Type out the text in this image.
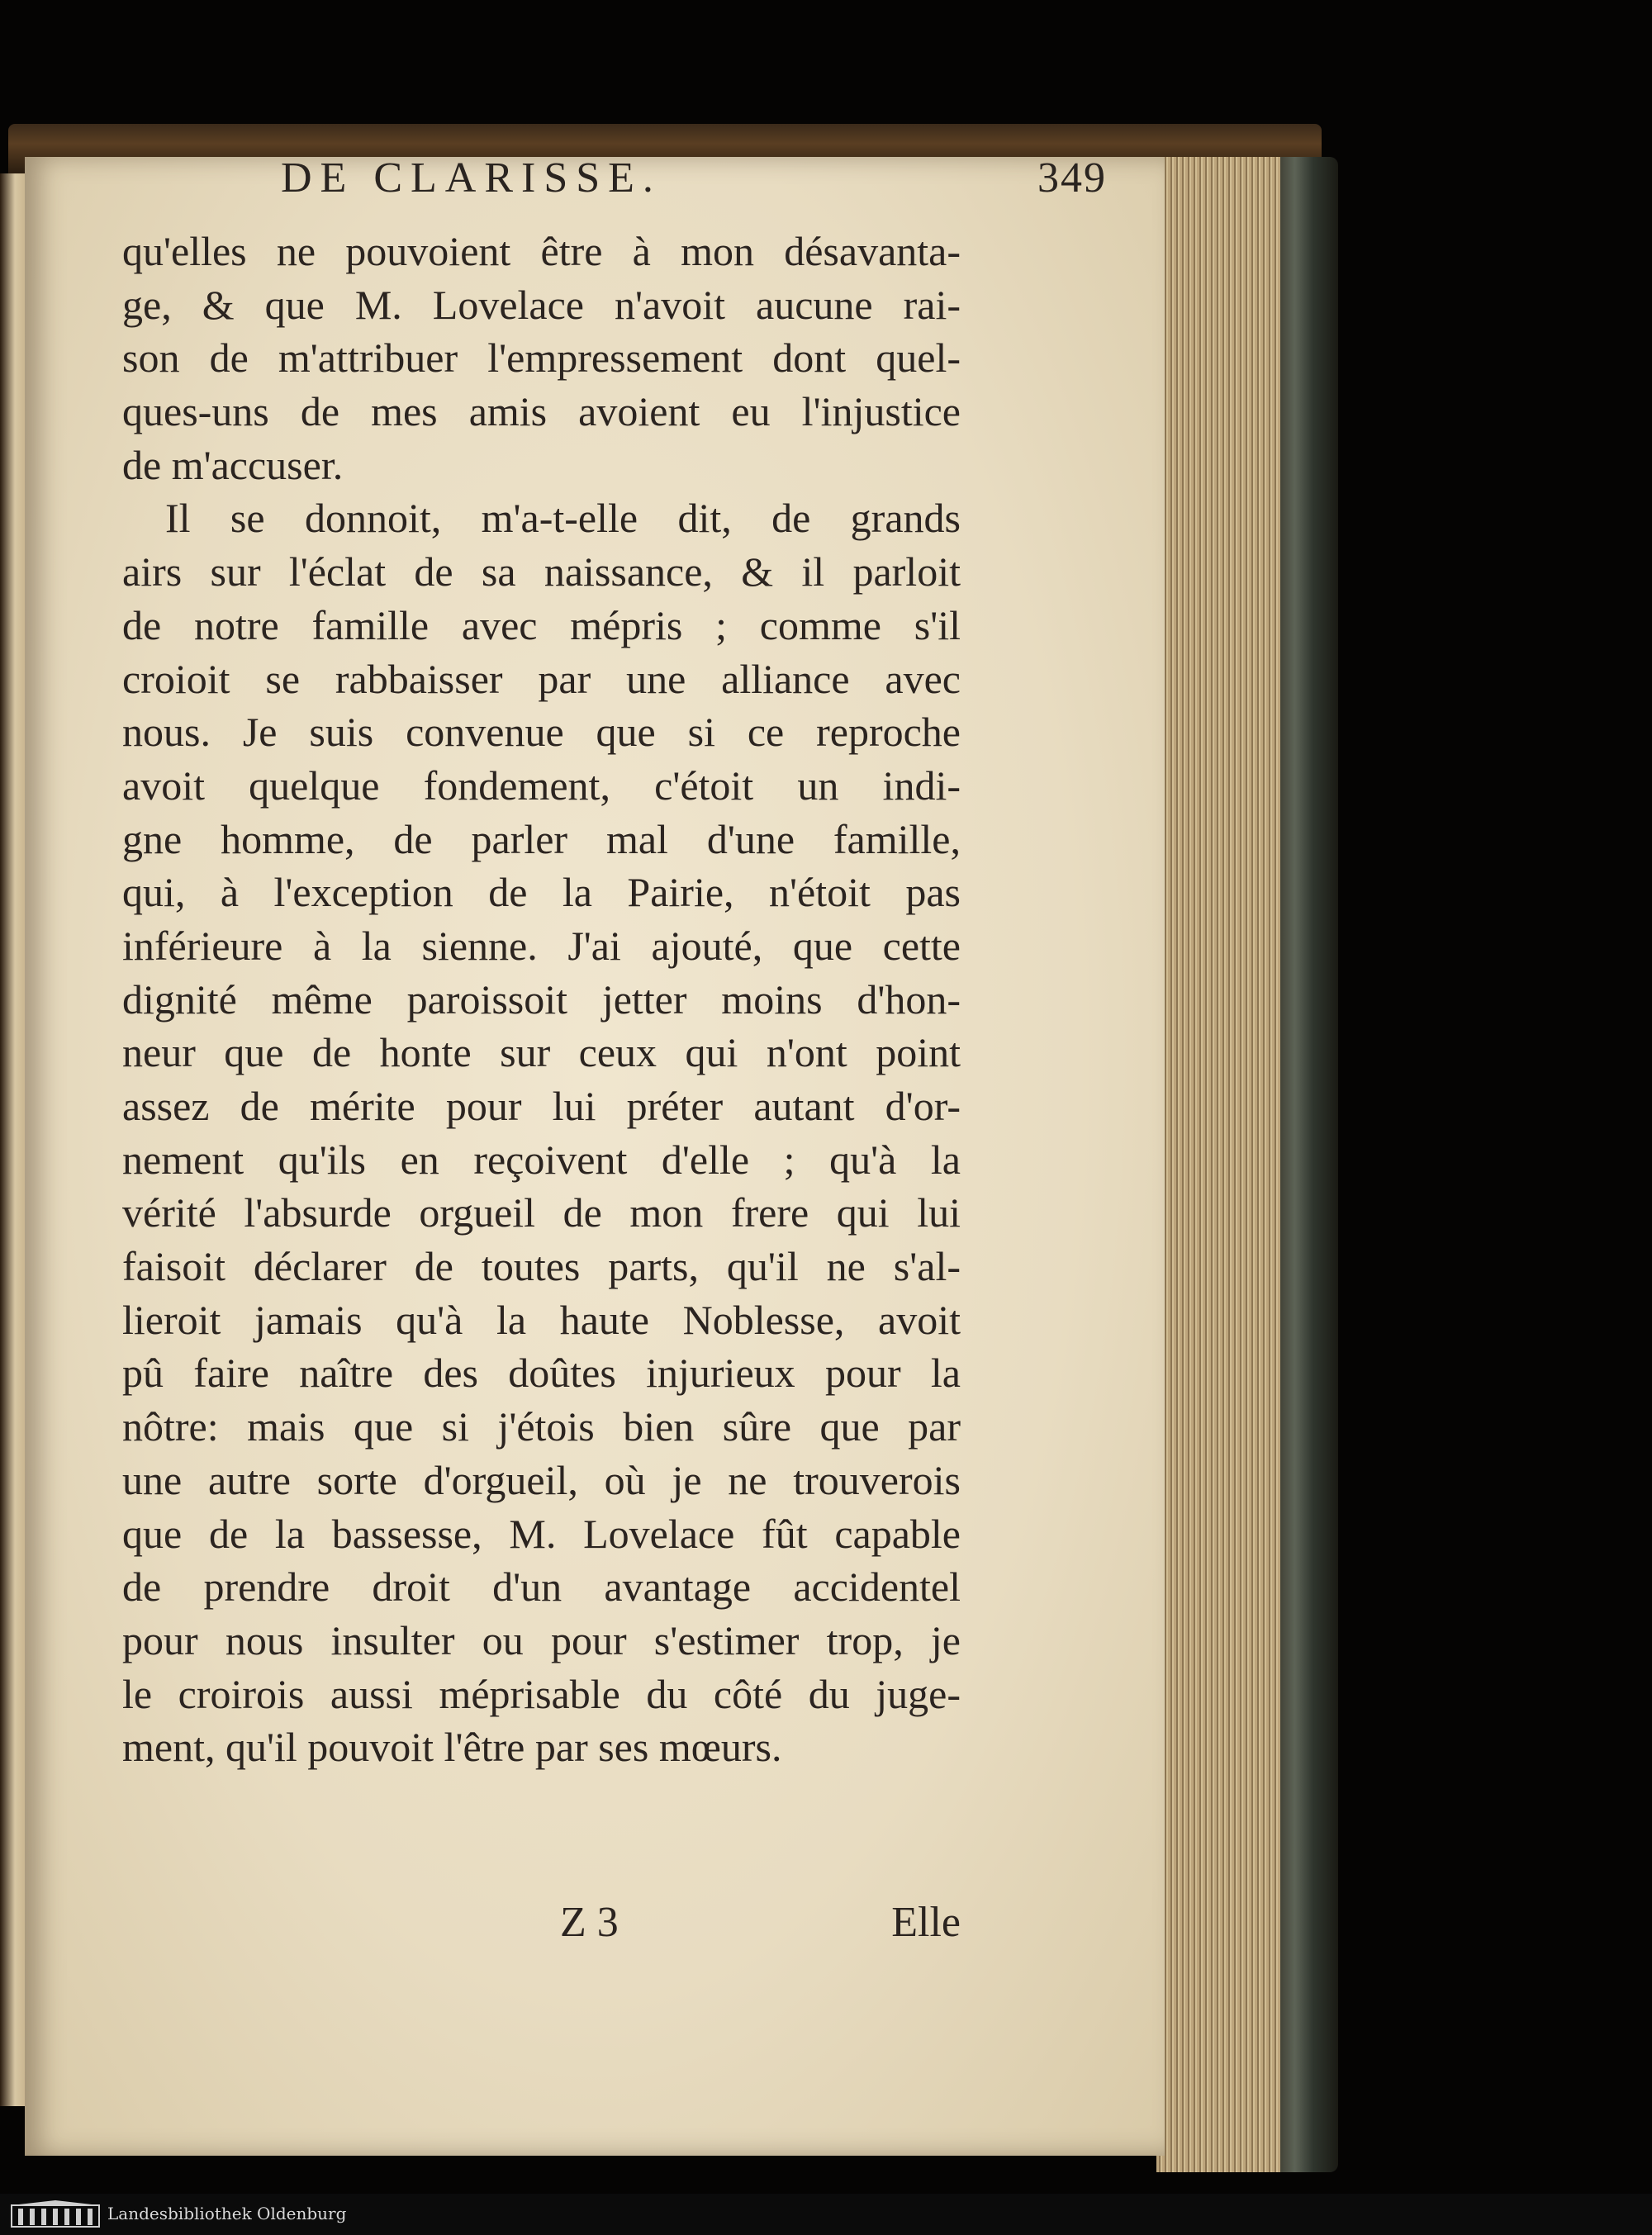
DE CLARISSE.	349
qu'elles ne pouvoient être à mon désavanta-
ge, & que M. Lovelace n'avoit aucune rai-
son de m'attribuer l'empressement dont quel-
ques-uns de mes amis avoient eu l'injustice
de m'accuser.
Il se donnoit, m'a-t-elle dit, de grands
airs sur l'éclat de sa naissance, & il parloit
de notre famille avec mépris ; comme s'il
croioit se rabbaisser par une alliance avec
nous. Je suis convenue que si ce reproche
avoit quelque fondement, c'étoit un indi-
gne homme, de parler mal d'une famille,
qui, à l'exception de la Pairie, n'étoit pas
inférieure à la sienne. J'ai ajouté, que cette
dignité même paroissoit jetter moins d'hon-
neur que de honte sur ceux qui n'ont point
assez de mérite pour lui préter autant d'or-
nement qu'ils en reçoivent d'elle ; qu'à la
vérité l'absurde orgueil de mon frere qui lui
faisoit déclarer de toutes parts, qu'il ne s'al-
lieroit jamais qu'à la haute Noblesse, avoit
pû faire naître des doûtes injurieux pour la
nôtre: mais que si j'étois bien sûre que par
une autre sorte d'orgueil, où je ne trouverois
que de la bassesse, M. Lovelace fût capable
de prendre droit d'un avantage accidentel
pour nous insulter ou pour s'estimer trop, je
le croirois aussi méprisable du côté du juge-
ment, qu'il pouvoit l'être par ses mœurs.
Z 3	Elle
Landesbibliothek Oldenburg
